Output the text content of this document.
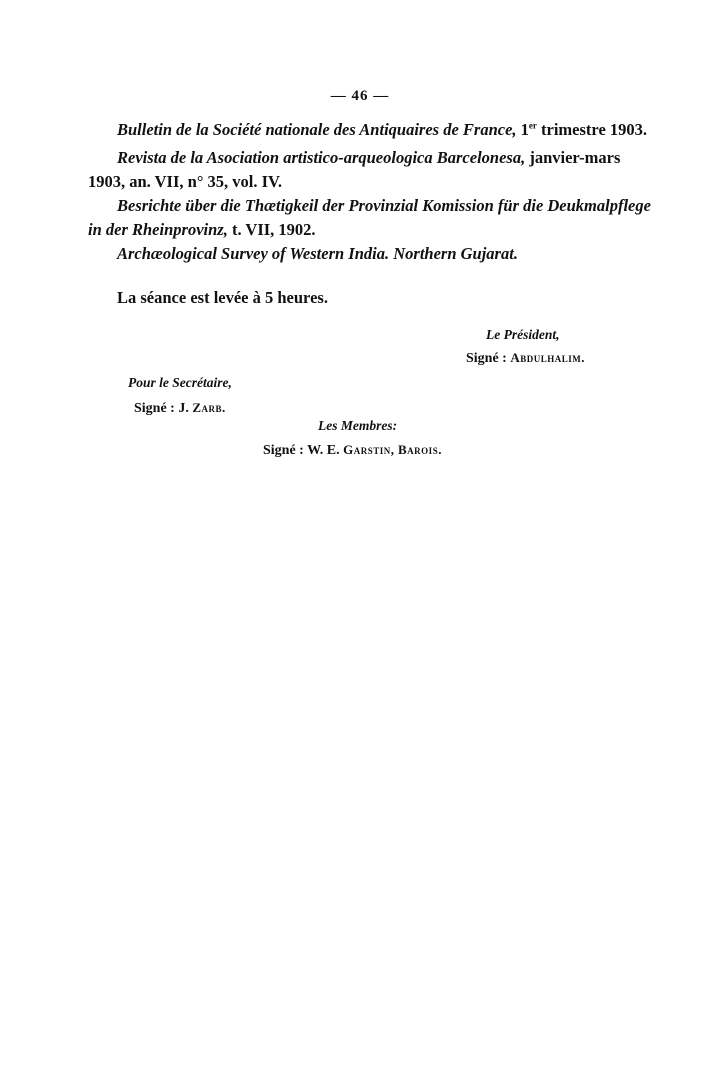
— 46 —
Bulletin de la Société nationale des Antiquaires de France, 1er trimestre 1903.
Revista de la Asociation artistico-arqueologica Barcelonesa, janvier-mars
1903, an. VII, n° 35, vol. IV.
Besrichte über die Thætigkeil der Provinzial Komission für die Deukmalpflege
in der Rheinprovinz, t. VII, 1902.
Archæological Survey of Western India. Northern Gujarat.
La séance est levée à 5 heures.
Le Président,
Signé : Abdulhalim.
Pour le Secrétaire,
Signé : J. Zarb.
Les Membres:
Signé : W. E. Garstin, Barois.
